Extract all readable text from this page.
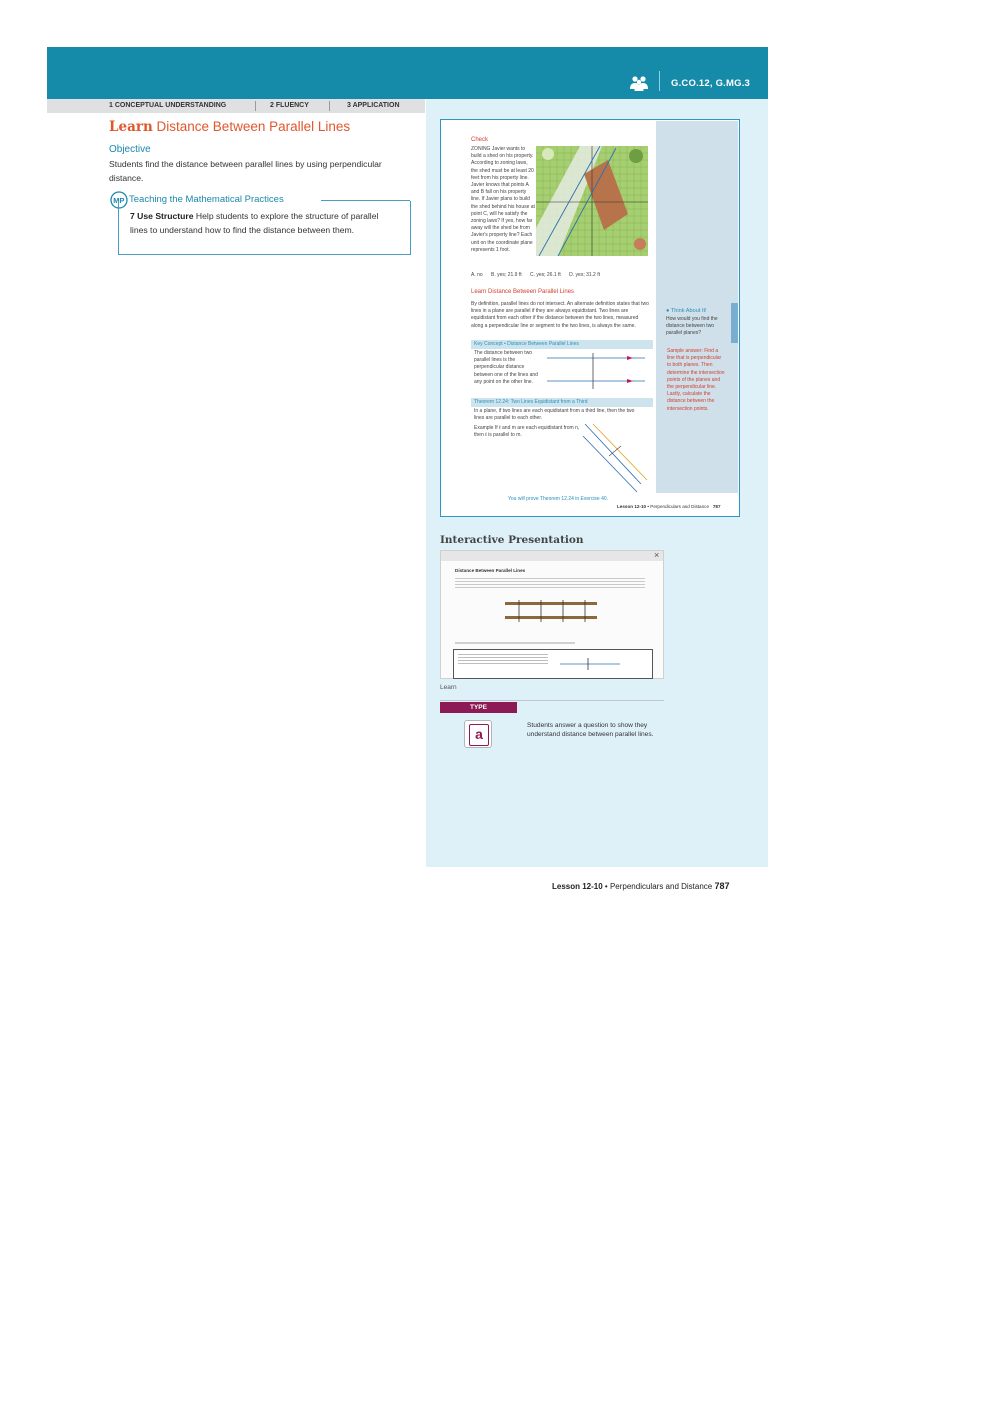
G.CO.12, G.MG.3
1 CONCEPTUAL UNDERSTANDING	2 FLUENCY	3 APPLICATION
Learn Distance Between Parallel Lines
Objective
Students find the distance between parallel lines by using perpendicular distance.
MP Teaching the Mathematical Practices
7 Use Structure Help students to explore the structure of parallel lines to understand how to find the distance between them.
Check
ZONING Javier wants to build a shed on his property. According to zoning laws, the shed must be at least 20 feet from his property line. Javier knows that points A and B fall on his property line. If Javier plans to build the shed behind his house at point C, will he satisfy the zoning laws? If yes, how far away will the shed be from Javier's property line? Each unit on the coordinate plane represents 1 foot.
A. no B. yes; 21.9 ft C. yes; 26.1 ft D. yes; 31.2 ft
Learn Distance Between Parallel Lines
By definition, parallel lines do not intersect. An alternate definition states that two lines in a plane are parallel if they are always equidistant. Two lines are equidistant from each other if the distance between the two lines, measured along a perpendicular line or segment to the two lines, is always the same.
Key Concept • Distance Between Parallel Lines
The distance between two parallel lines is the perpendicular distance between one of the lines and any point on the other line.
Theorem 12.24: Two Lines Equidistant from a Third
In a plane, if two lines are each equidistant from a third line, then the two lines are parallel to each other.
Example If ℓ and m are each equidistant from n, then ℓ is parallel to m.
You will prove Theorem 12.24 in Exercise 40.
● Think About It!
How would you find the distance between two parallel planes?
Sample answer: Find a line that is perpendicular to both planes. Then determine the intersection points of the planes and the perpendicular line. Lastly, calculate the distance between the intersection points.
Lesson 12-10 • Perpendiculars and Distance 787
Interactive Presentation
×
Distance Between Parallel Lines
Learn
TYPE
a
Students answer a question to show they understand distance between parallel lines.
Lesson 12-10 • Perpendiculars and Distance 787
